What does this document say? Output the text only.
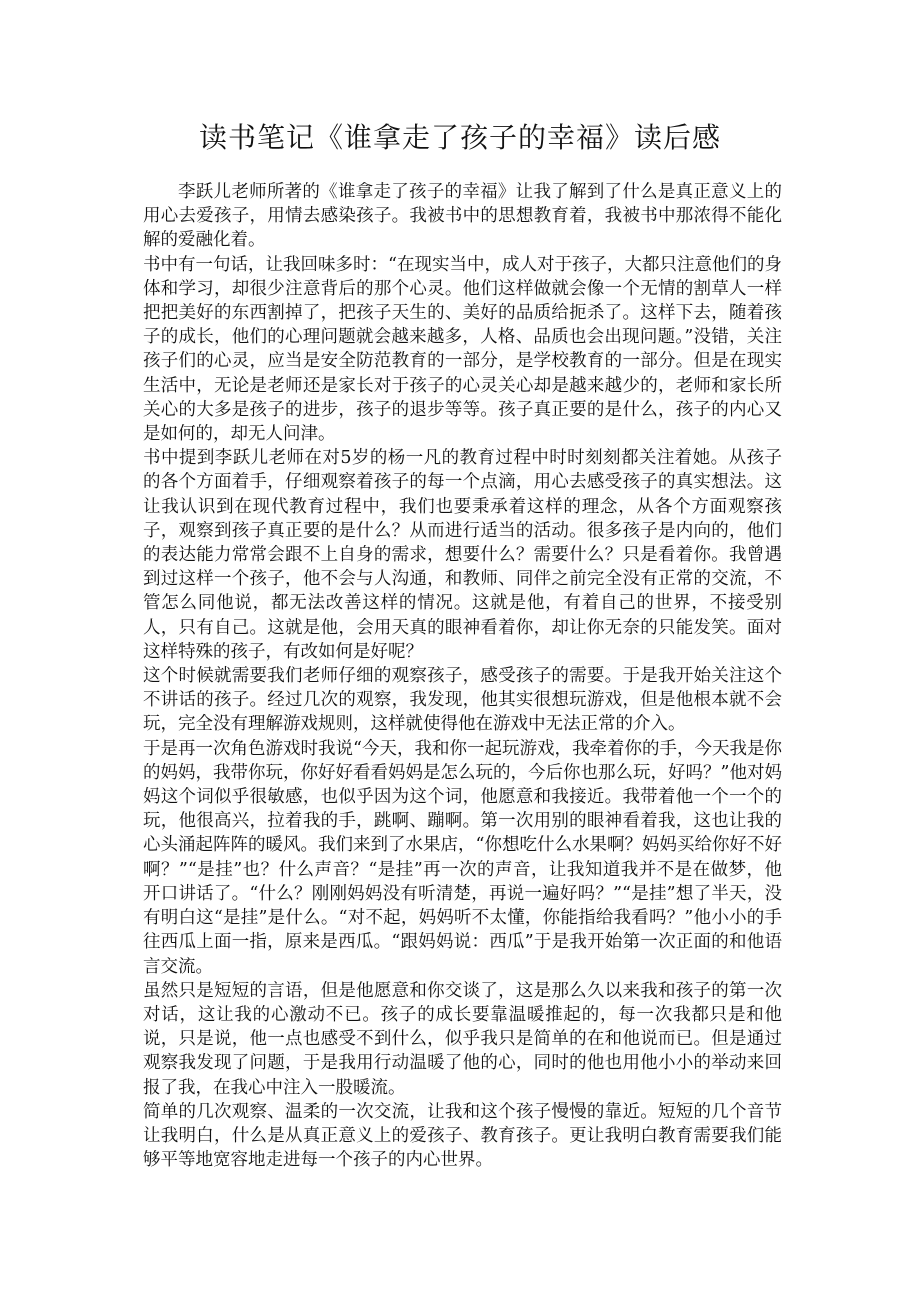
读书笔记《谁拿走了孩子的幸福》读后感

李跃儿老师所著的《谁拿走了孩子的幸福》让我了解到了什么是真正意义上的用心去爱孩子，用情去感染孩子。我被书中的思想教育着，我被书中那浓得不能化解的爱融化着。

书中有一句话，让我回味多时：“在现实当中，成人对于孩子，大都只注意他们的身体和学习，却很少注意背后的那个心灵。他们这样做就会像一个无情的割草人一样把把美好的东西割掉了，把孩子天生的、美好的品质给扼杀了。这样下去，随着孩子的成长，他们的心理问题就会越来越多，人格、品质也会出现问题。”没错，关注孩子们的心灵，应当是安全防范教育的一部分，是学校教育的一部分。但是在现实生活中，无论是老师还是家长对于孩子的心灵关心却是越来越少的，老师和家长所关心的大多是孩子的进步，孩子的退步等等。孩子真正要的是什么，孩子的内心又是如何的，却无人问津。

书中提到李跃儿老师在对5岁的杨一凡的教育过程中时时刻刻都关注着她。从孩子的各个方面着手，仔细观察着孩子的每一个点滴，用心去感受孩子的真实想法。这让我认识到在现代教育过程中，我们也要秉承着这样的理念，从各个方面观察孩子，观察到孩子真正要的是什么？从而进行适当的活动。很多孩子是内向的，他们的表达能力常常会跟不上自身的需求，想要什么？需要什么？只是看着你。我曾遇到过这样一个孩子，他不会与人沟通，和教师、同伴之前完全没有正常的交流，不管怎么同他说，都无法改善这样的情况。这就是他，有着自己的世界，不接受别人，只有自己。这就是他，会用天真的眼神看着你，却让你无奈的只能发笑。面对这样特殊的孩子，有改如何是好呢？

这个时候就需要我们老师仔细的观察孩子，感受孩子的需要。于是我开始关注这个不讲话的孩子。经过几次的观察，我发现，他其实很想玩游戏，但是他根本就不会玩，完全没有理解游戏规则，这样就使得他在游戏中无法正常的介入。

于是再一次角色游戏时我说“今天，我和你一起玩游戏，我牵着你的手，今天我是你的妈妈，我带你玩，你好好看看妈妈是怎么玩的，今后你也那么玩，好吗？”他对妈妈这个词似乎很敏感，也似乎因为这个词，他愿意和我接近。我带着他一个一个的玩，他很高兴，拉着我的手，跳啊、蹦啊。第一次用别的眼神看着我，这也让我的心头涌起阵阵的暖风。我们来到了水果店，“你想吃什么水果啊？妈妈买给你好不好啊？”“是挂”也？什么声音？“是挂”再一次的声音，让我知道我并不是在做梦，他开口讲话了。“什么？刚刚妈妈没有听清楚，再说一遍好吗？”“是挂”想了半天，没有明白这“是挂”是什么。“对不起，妈妈听不太懂，你能指给我看吗？”他小小的手往西瓜上面一指，原来是西瓜。“跟妈妈说：西瓜”于是我开始第一次正面的和他语言交流。

虽然只是短短的言语，但是他愿意和你交谈了，这是那么久以来我和孩子的第一次对话，这让我的心激动不已。孩子的成长要靠温暖推起的，每一次我都只是和他说，只是说，他一点也感受不到什么，似乎我只是简单的在和他说而已。但是通过观察我发现了问题，于是我用行动温暖了他的心，同时的他也用他小小的举动来回报了我，在我心中注入一股暖流。

简单的几次观察、温柔的一次交流，让我和这个孩子慢慢的靠近。短短的几个音节让我明白，什么是从真正意义上的爱孩子、教育孩子。更让我明白教育需要我们能够平等地宽容地走进每一个孩子的内心世界。
